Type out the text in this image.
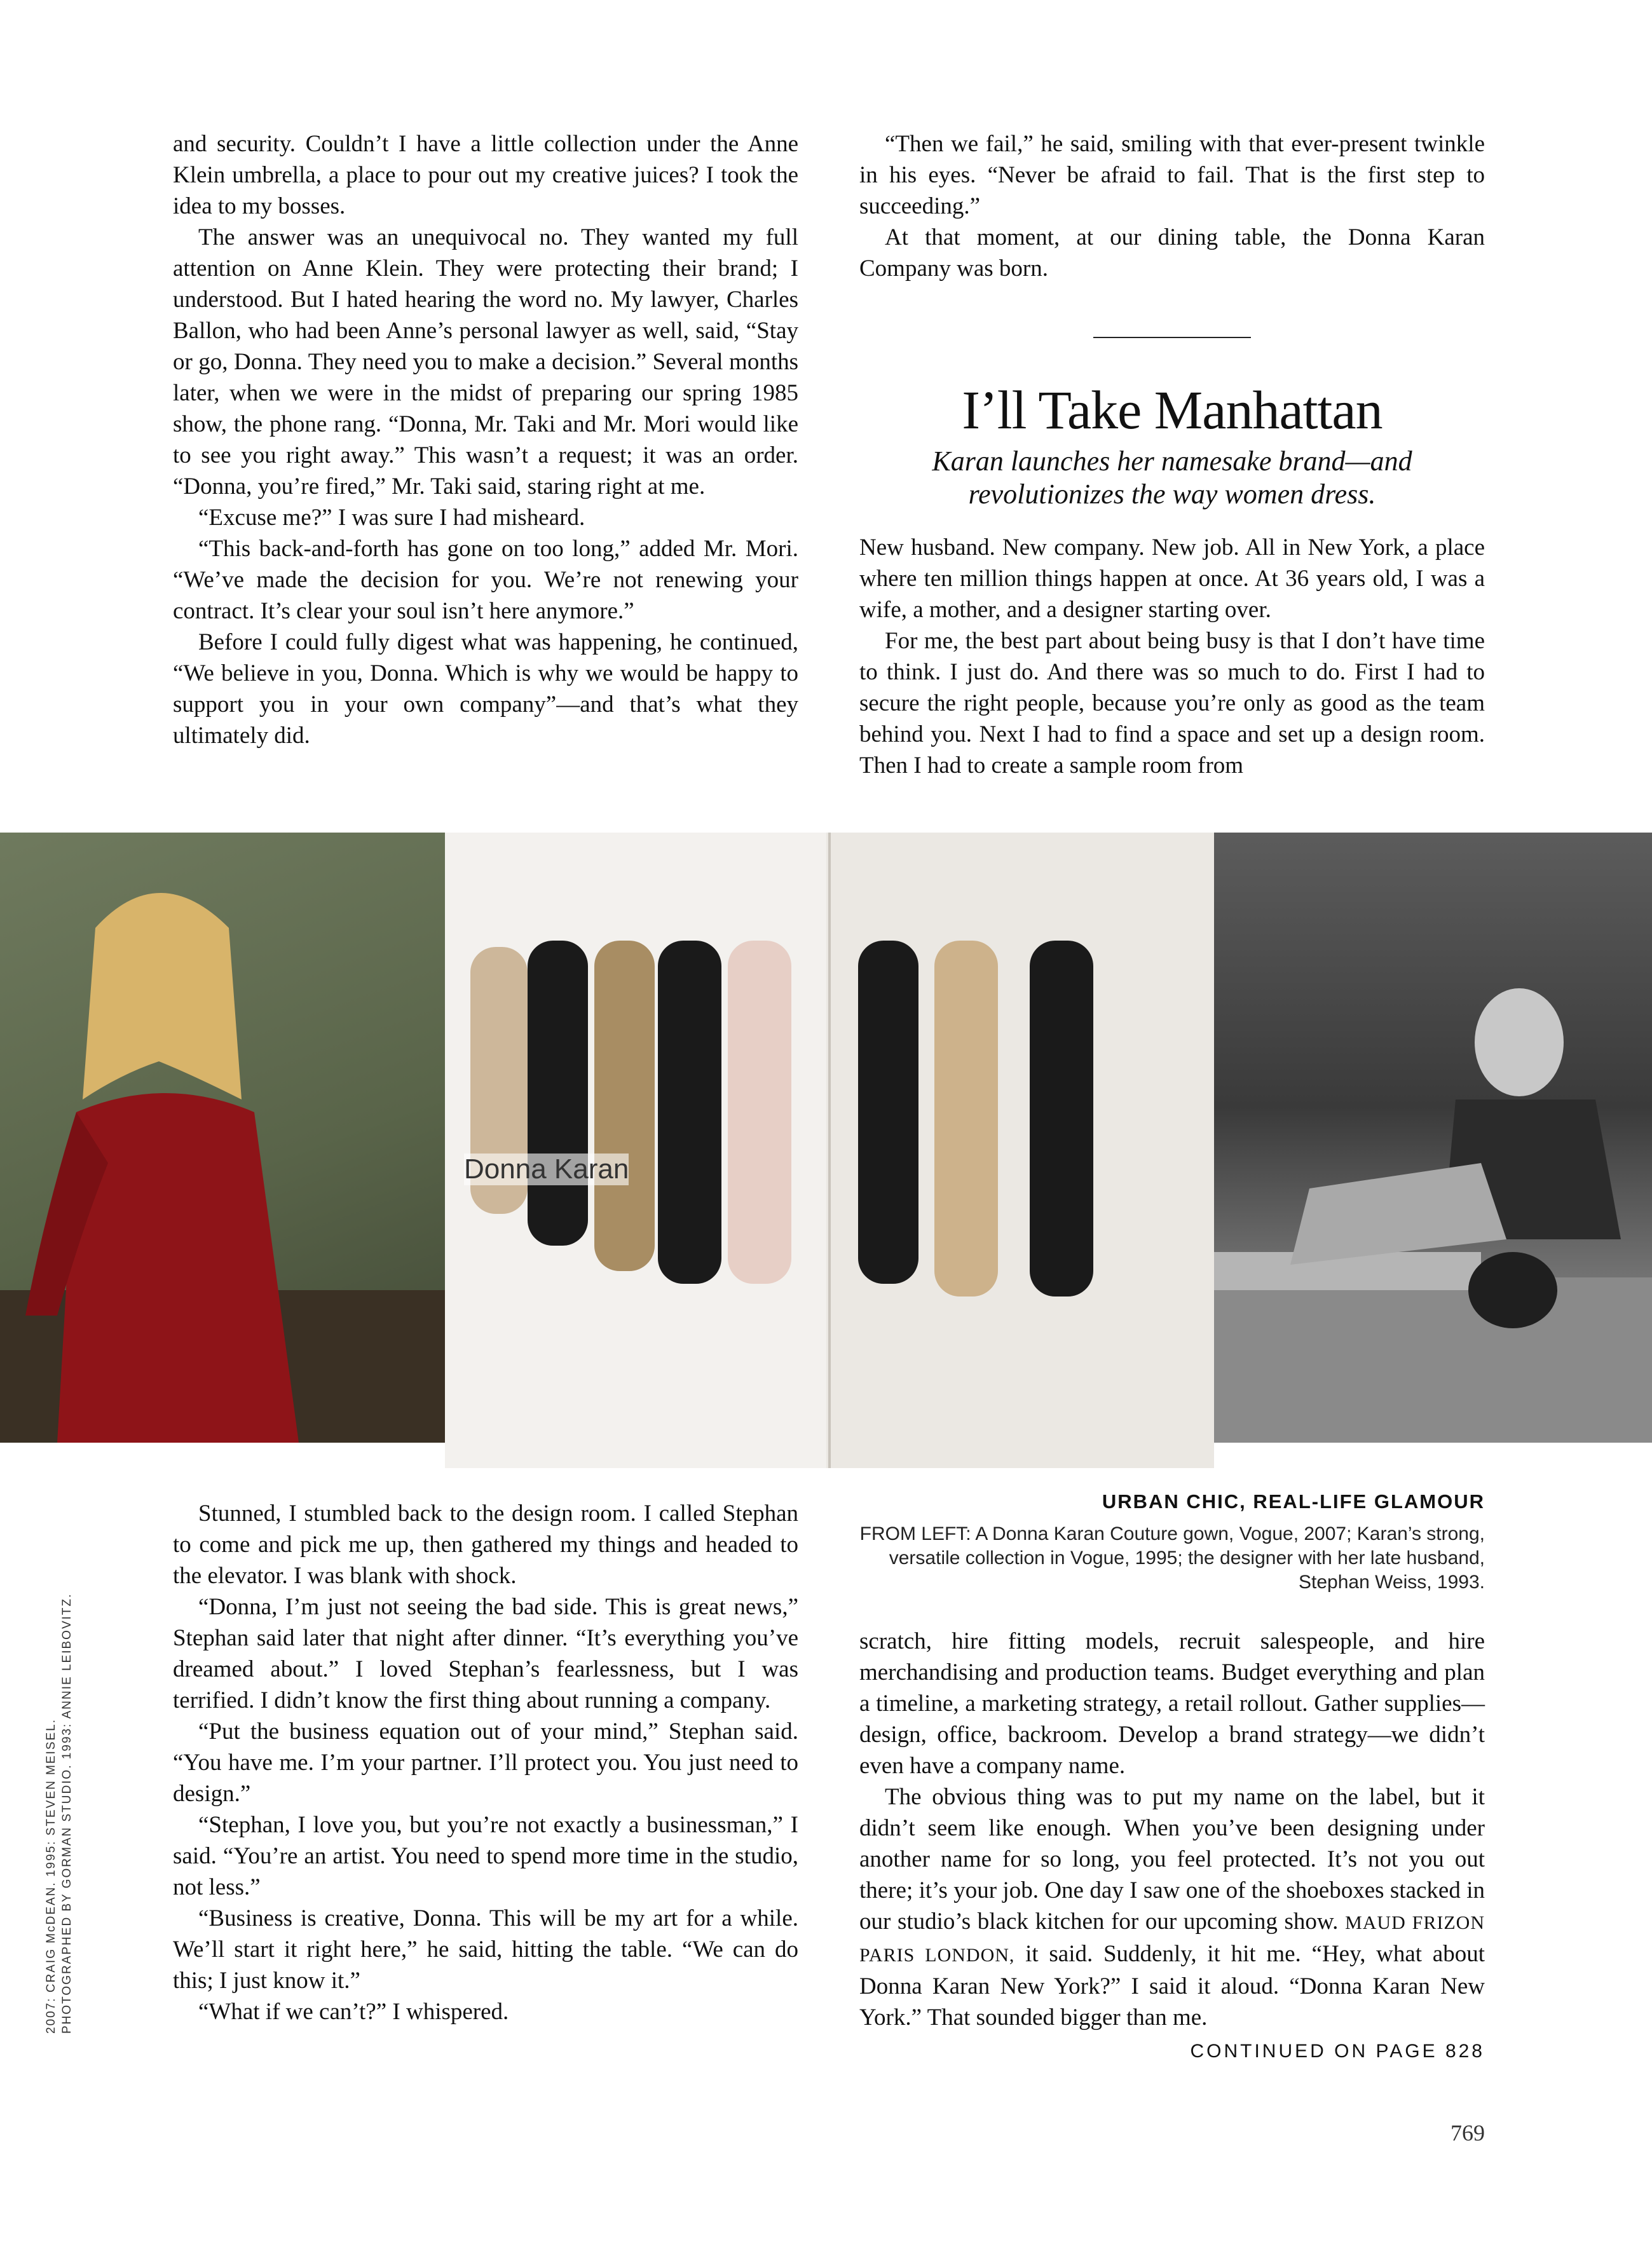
and security. Couldn’t I have a little collection under the Anne Klein umbrella, a place to pour out my creative juices? I took the idea to my bosses.

The answer was an unequivocal no. They wanted my full attention on Anne Klein. They were protecting their brand; I understood. But I hated hearing the word no. My lawyer, Charles Ballon, who had been Anne’s personal lawyer as well, said, “Stay or go, Donna. They need you to make a decision.” Several months later, when we were in the midst of preparing our spring 1985 show, the phone rang. “Donna, Mr. Taki and Mr. Mori would like to see you right away.” This wasn’t a request; it was an order. “Donna, you’re fired,” Mr. Taki said, staring right at me.

“Excuse me?” I was sure I had misheard.

“This back-and-forth has gone on too long,” added Mr. Mori. “We’ve made the decision for you. We’re not renewing your contract. It’s clear your soul isn’t here anymore.”

Before I could fully digest what was happening, he continued, “We believe in you, Donna. Which is why we would be happy to support you in your own company”—and that’s what they ultimately did.

“Then we fail,” he said, smiling with that ever-present twinkle in his eyes. “Never be afraid to fail. That is the first step to succeeding.”

At that moment, at our dining table, the Donna Karan Company was born.

I’ll Take Manhattan
Karan launches her namesake brand—and revolutionizes the way women dress.

New husband. New company. New job. All in New York, a place where ten million things happen at once. At 36 years old, I was a wife, a mother, and a designer starting over.

For me, the best part about being busy is that I don’t have time to think. I just do. And there was so much to do. First I had to secure the right people, because you’re only as good as the team behind you. Next I had to find a space and set up a design room. Then I had to create a sample room from

Donna Karan
URBAN CHIC, REAL-LIFE GLAMOUR
FROM LEFT: A Donna Karan Couture gown, Vogue, 2007; Karan’s strong, versatile collection in Vogue, 1995; the designer with her late husband, Stephan Weiss, 1993.

Stunned, I stumbled back to the design room. I called Stephan to come and pick me up, then gathered my things and headed to the elevator. I was blank with shock.

“Donna, I’m just not seeing the bad side. This is great news,” Stephan said later that night after dinner. “It’s everything you’ve dreamed about.” I loved Stephan’s fearlessness, but I was terrified. I didn’t know the first thing about running a company.

“Put the business equation out of your mind,” Stephan said. “You have me. I’m your partner. I’ll protect you. You just need to design.”

“Stephan, I love you, but you’re not exactly a businessman,” I said. “You’re an artist. You need to spend more time in the studio, not less.”

“Business is creative, Donna. This will be my art for a while. We’ll start it right here,” he said, hitting the table. “We can do this; I just know it.”

“What if we can’t?” I whispered.

scratch, hire fitting models, recruit salespeople, and hire merchandising and production teams. Budget everything and plan a timeline, a marketing strategy, a retail rollout. Gather supplies—design, office, backroom. Develop a brand strategy—we didn’t even have a company name.

The obvious thing was to put my name on the label, but it didn’t seem like enough. When you’ve been designing under another name for so long, you feel protected. It’s not you out there; it’s your job. One day I saw one of the shoeboxes stacked in our studio’s black kitchen for our upcoming show. MAUD FRIZON PARIS LONDON, it said. Suddenly, it hit me. “Hey, what about Donna Karan New York?” I said it aloud. “Donna Karan New York.” That sounded bigger than me.
CONTINUED ON PAGE 828

2007: CRAIG McDEAN. 1995: STEVEN MEISEL. PHOTOGRAPHED BY GORMAN STUDIO. 1993: ANNIE LEIBOVITZ.
769
